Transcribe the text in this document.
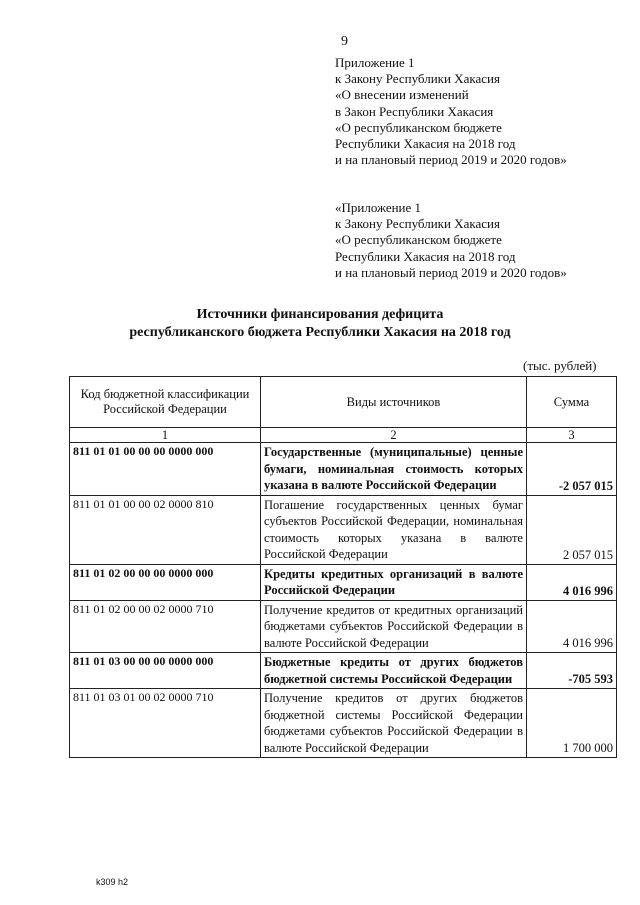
9
Приложение 1
к Закону Республики Хакасия
«О внесении изменений
в Закон Республики Хакасия
«О республиканском бюджете
Республики Хакасия на 2018 год
и на плановый период 2019 и 2020 годов»
«Приложение 1
к Закону Республики Хакасия
«О республиканском бюджете
Республики Хакасия на 2018 год
и на плановый период 2019 и 2020 годов»
Источники финансирования дефицита
республиканского бюджета Республики Хакасия на 2018 год
(тыс. рублей)
Код бюджетной классификации Российской Федерации	Виды источников	Сумма
1	2	3
811 01 01 00 00 00 0000 000	Государственные (муниципальные) ценные бумаги, номинальная стоимость которых указана в валюте Российской Федерации	-2 057 015
811 01 01 00 00 02 0000 810	Погашение государственных ценных бумаг субъектов Российской Федерации, номинальная стоимость которых указана в валюте Российской Федерации	2 057 015
811 01 02 00 00 00 0000 000	Кредиты кредитных организаций в валюте Российской Федерации	4 016 996
811 01 02 00 00 02 0000 710	Получение кредитов от кредитных организаций бюджетами субъектов Российской Федерации в валюте Российской Федерации	4 016 996
811 01 03 00 00 00 0000 000	Бюджетные кредиты от других бюджетов бюджетной системы Российской Федерации	-705 593
811 01 03 01 00 02 0000 710	Получение кредитов от других бюджетов бюджетной системы Российской Федерации бюджетами субъектов Российской Федерации в валюте Российской Федерации	1 700 000
k309 h2
